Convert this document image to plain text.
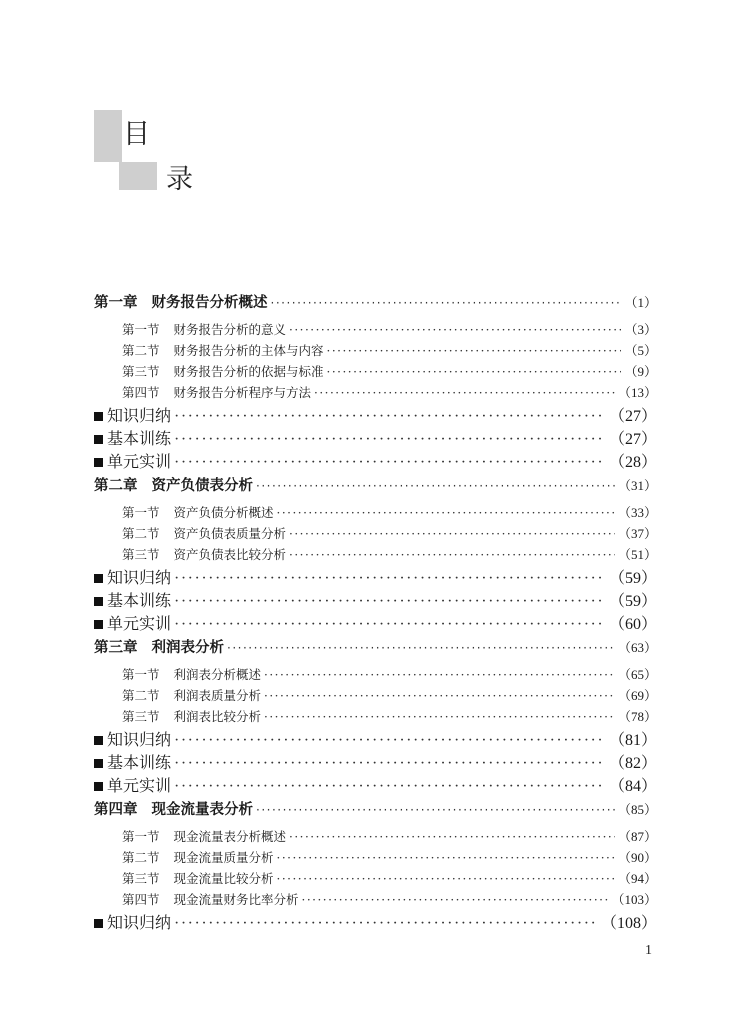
目
录
第一章 财务报告分析概述 ·····	（1）
第一节 财务报告分析的意义 ·····	（3）
第二节 财务报告分析的主体与内容 ·····	（5）
第三节 财务报告分析的依据与标准 ·····	（9）
第四节 财务报告分析程序与方法 ·····	（13）
知识归纳 ·····	（27）
基本训练 ·····	（27）
单元实训 ·····	（28）
第二章 资产负债表分析 ·····	（31）
第一节 资产负债分析概述 ·····	（33）
第二节 资产负债表质量分析 ·····	（37）
第三节 资产负债表比较分析 ·····	（51）
知识归纳 ·····	（59）
基本训练 ·····	（59）
单元实训 ·····	（60）
第三章 利润表分析 ·····	（63）
第一节 利润表分析概述 ·····	（65）
第二节 利润表质量分析 ·····	（69）
第三节 利润表比较分析 ·····	（78）
知识归纳 ·····	（81）
基本训练 ·····	（82）
单元实训 ·····	（84）
第四章 现金流量表分析 ·····	（85）
第一节 现金流量表分析概述 ·····	（87）
第二节 现金流量质量分析 ·····	（90）
第三节 现金流量比较分析 ·····	（94）
第四节 现金流量财务比率分析 ·····	（103）
知识归纳 ·····	（108）
1
